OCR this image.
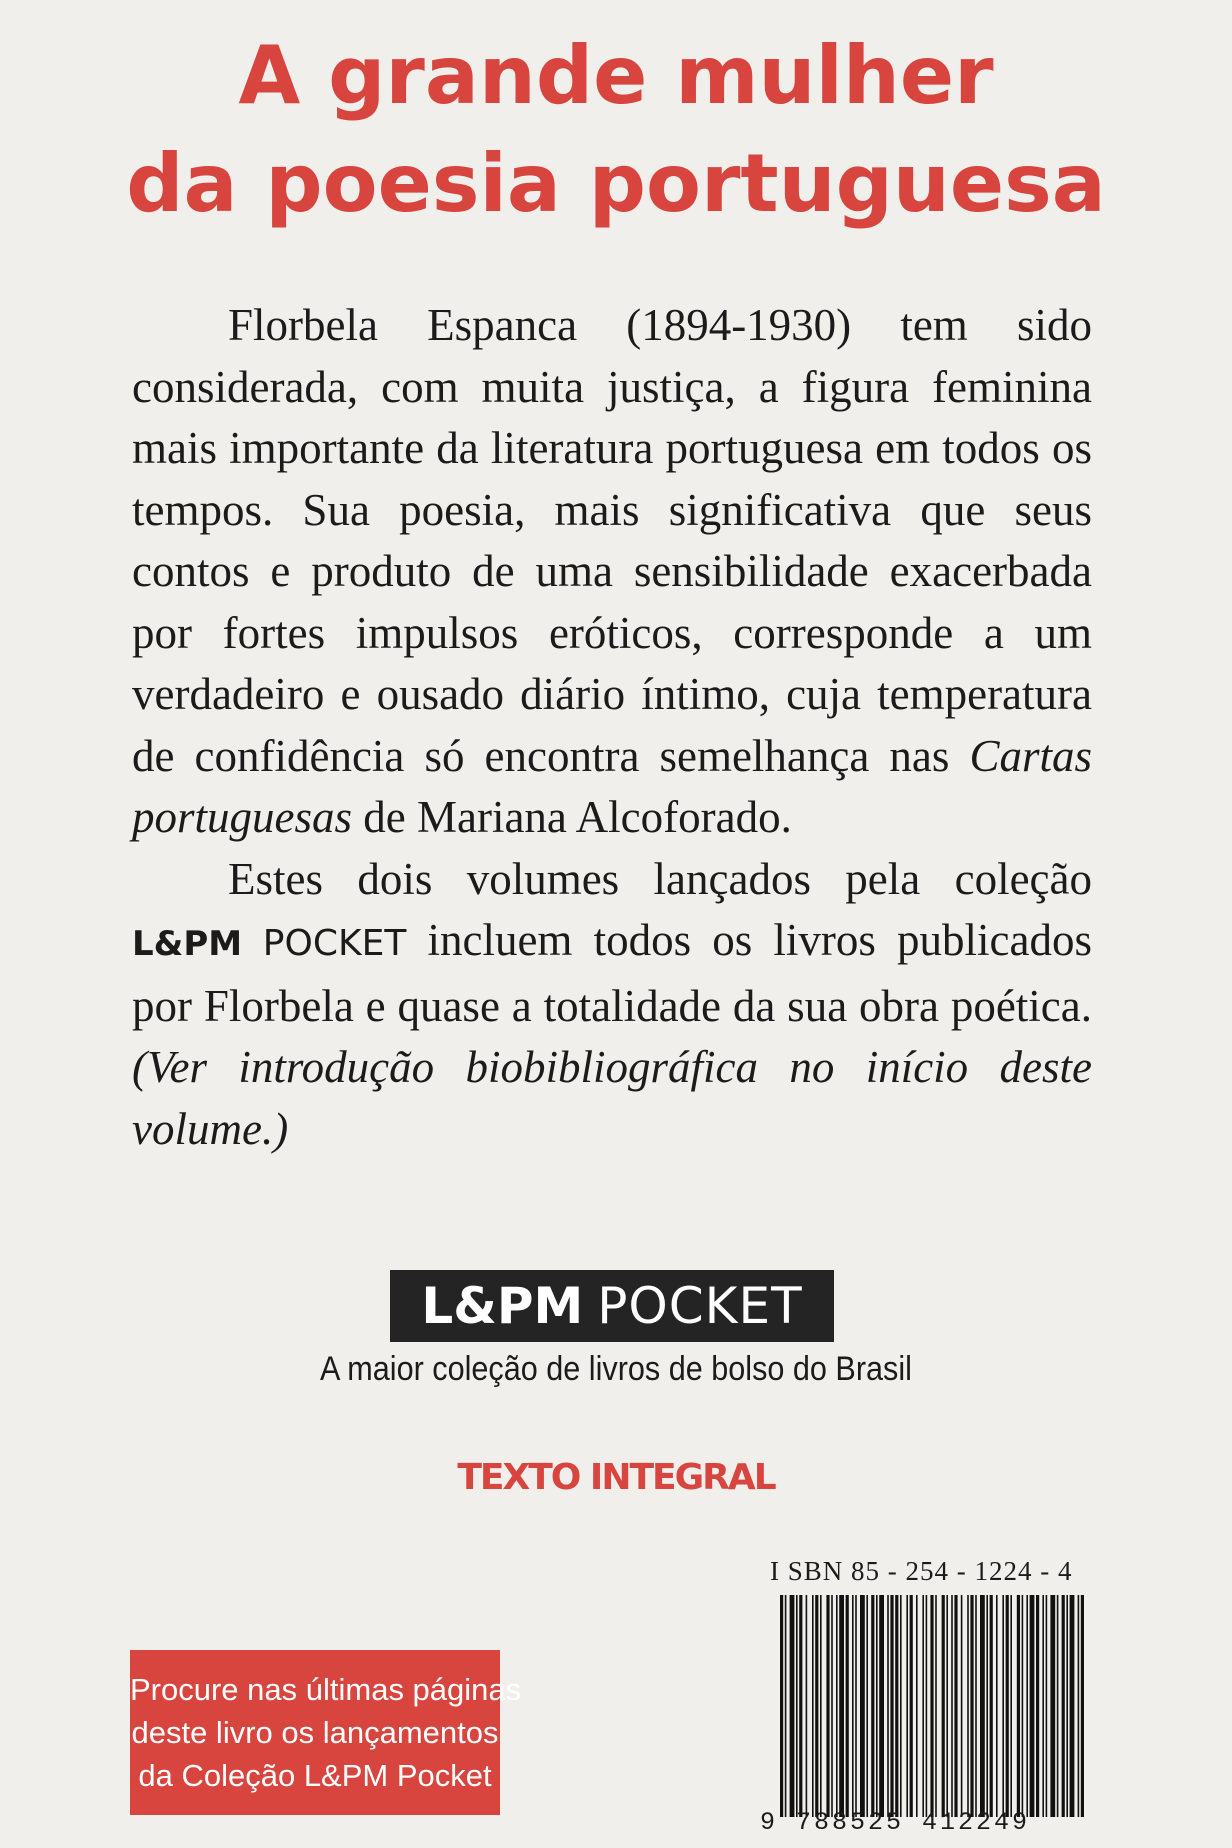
A grande mulher
da poesia portuguesa

Florbela Espanca (1894-1930) tem sido considerada, com muita justiça, a figura feminina mais importante da literatura portuguesa em todos os tempos. Sua poesia, mais significativa que seus contos e produto de uma sensibilidade exacerbada por fortes impulsos eróticos, corresponde a um verdadeiro e ousado diário íntimo, cuja temperatura de confidência só encontra semelhança nas Cartas portuguesas de Mariana Alcoforado.

Estes dois volumes lançados pela coleção L&PM POCKET incluem todos os livros publicados por Florbela e quase a totalidade da sua obra poética. (Ver introdução biobibliográfica no início deste volume.)

L&PM POCKET
A maior coleção de livros de bolso do Brasil
TEXTO INTEGRAL
I SBN 85 - 254 - 1224 - 4
9 788525 412249
Procure nas últimas páginas
deste livro os lançamentos
da Coleção L&PM Pocket
